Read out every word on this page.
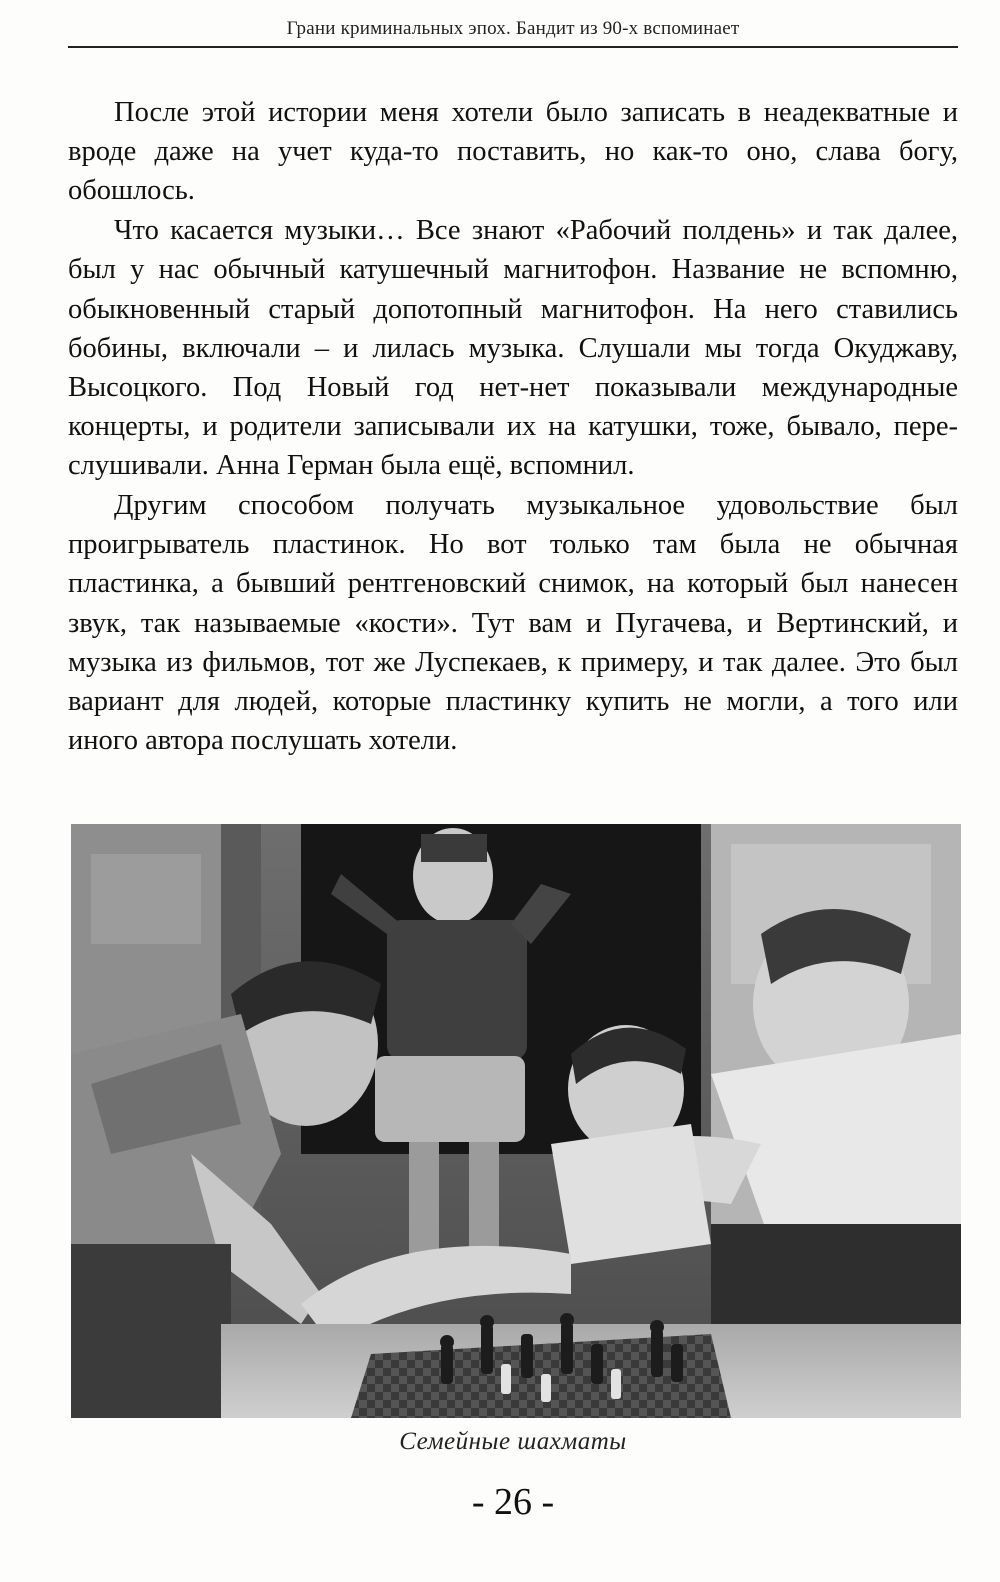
Грани криминальных эпох. Бандит из 90-х вспоминает

После этой истории меня хотели было записать в неадекватные и вроде даже на учет куда-то поставить, но как-то оно, слава богу, обошлось.

Что касается музыки… Все знают «Рабочий полдень» и так далее, был у нас обычный катушечный магнитофон. Название не вспомню, обыкновенный старый допотопный магнитофон. На него ставились бобины, включали – и лилась музыка. Слушали мы тогда Окуджаву, Высоцкого. Под Новый год нет-нет показывали международные концерты, и родители записывали их на катушки, тоже, бывало, переслушивали. Анна Герман была ещё, вспомнил.

Другим способом получать музыкальное удовольствие был проигрыватель пластинок. Но вот только там была не обычная пластинка, а бывший рентгеновский снимок, на который был нанесен звук, так называемые «кости». Тут вам и Пугачева, и Вертинский, и музыка из фильмов, тот же Луспекаев, к примеру, и так далее. Это был вариант для людей, которые пластинку купить не могли, а того или иного автора послушать хотели.

Семейные шахматы
- 26 -
